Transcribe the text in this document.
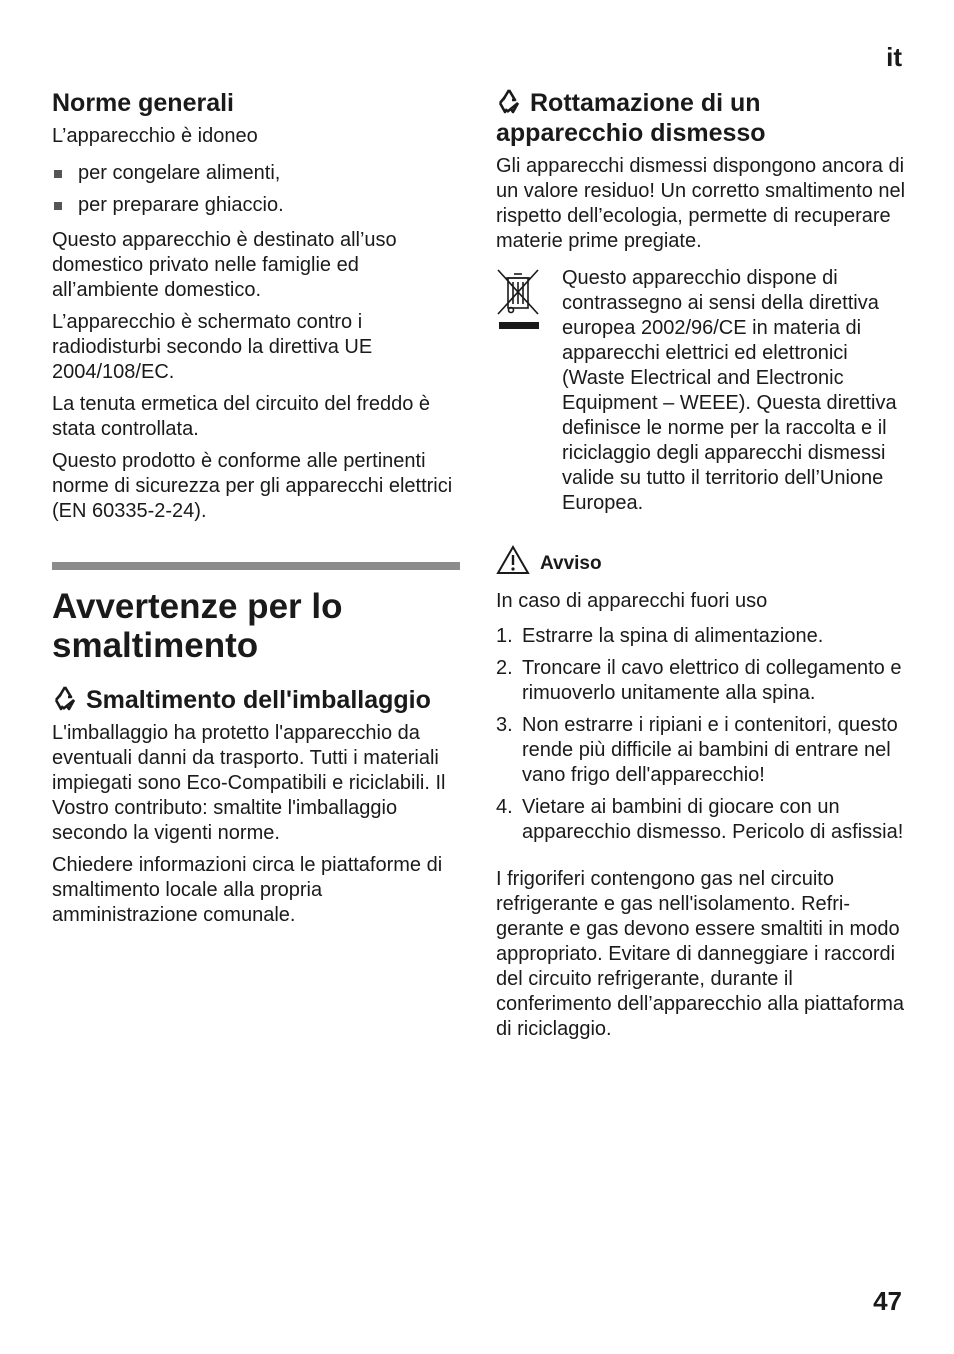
it
Norme generali

L’apparecchio è idoneo

per congelare alimenti,
per preparare ghiaccio.

Questo apparecchio è destinato all’uso domestico privato nelle famiglie ed all’ambiente domestico.

L’apparecchio è schermato contro i radiodisturbi secondo la direttiva UE 2004/108/EC.

La tenuta ermetica del circuito del freddo è stata controllata.

Questo prodotto è conforme alle pertinenti norme di sicurezza per gli apparecchi elettrici (EN 60335-2-24).

Avvertenze per lo smaltimento
Smaltimento dell'imballaggio

L'imballaggio ha protetto l'apparecchio da eventuali danni da trasporto. Tutti i materiali impiegati sono Eco-Compatibili e riciclabili. Il Vostro contributo: smaltite l'imballaggio secondo la vigenti norme.

Chiedere informazioni circa le piattaforme di smaltimento locale alla propria amministrazione comunale.

Rottamazione di un apparecchio dismesso

Gli apparecchi dismessi dispongono ancora di un valore residuo! Un corretto smaltimento nel rispetto dell’ecologia, permette di recuperare materie prime pregiate.

Questo apparecchio dispone di contrassegno ai sensi della direttiva europea 2002/96/CE in materia di apparecchi elettrici ed elettronici (Waste Electrical and Electronic Equipment – WEEE). Questa direttiva definisce le norme per la raccolta e il riciclaggio degli apparecchi dismessi valide su tutto il territorio dell’Unione Europea.

Avviso

In caso di apparecchi fuori uso

1. Estrarre la spina di alimentazione.
2. Troncare il cavo elettrico di collegamento e rimuoverlo unitamente alla spina.
3. Non estrarre i ripiani e i contenitori, questo rende più difficile ai bambini di entrare nel vano frigo dell'apparecchio!
4. Vietare ai bambini di giocare con un apparecchio dismesso. Pericolo di asfissia!

I frigoriferi contengono gas nel circuito refrigerante e gas nell'isolamento. Refrigerante e gas devono essere smaltiti in modo appropriato. Evitare di danneggiare i raccordi del circuito refrigerante, durante il conferimento dell’apparecchio alla piattaforma di riciclaggio.

47
